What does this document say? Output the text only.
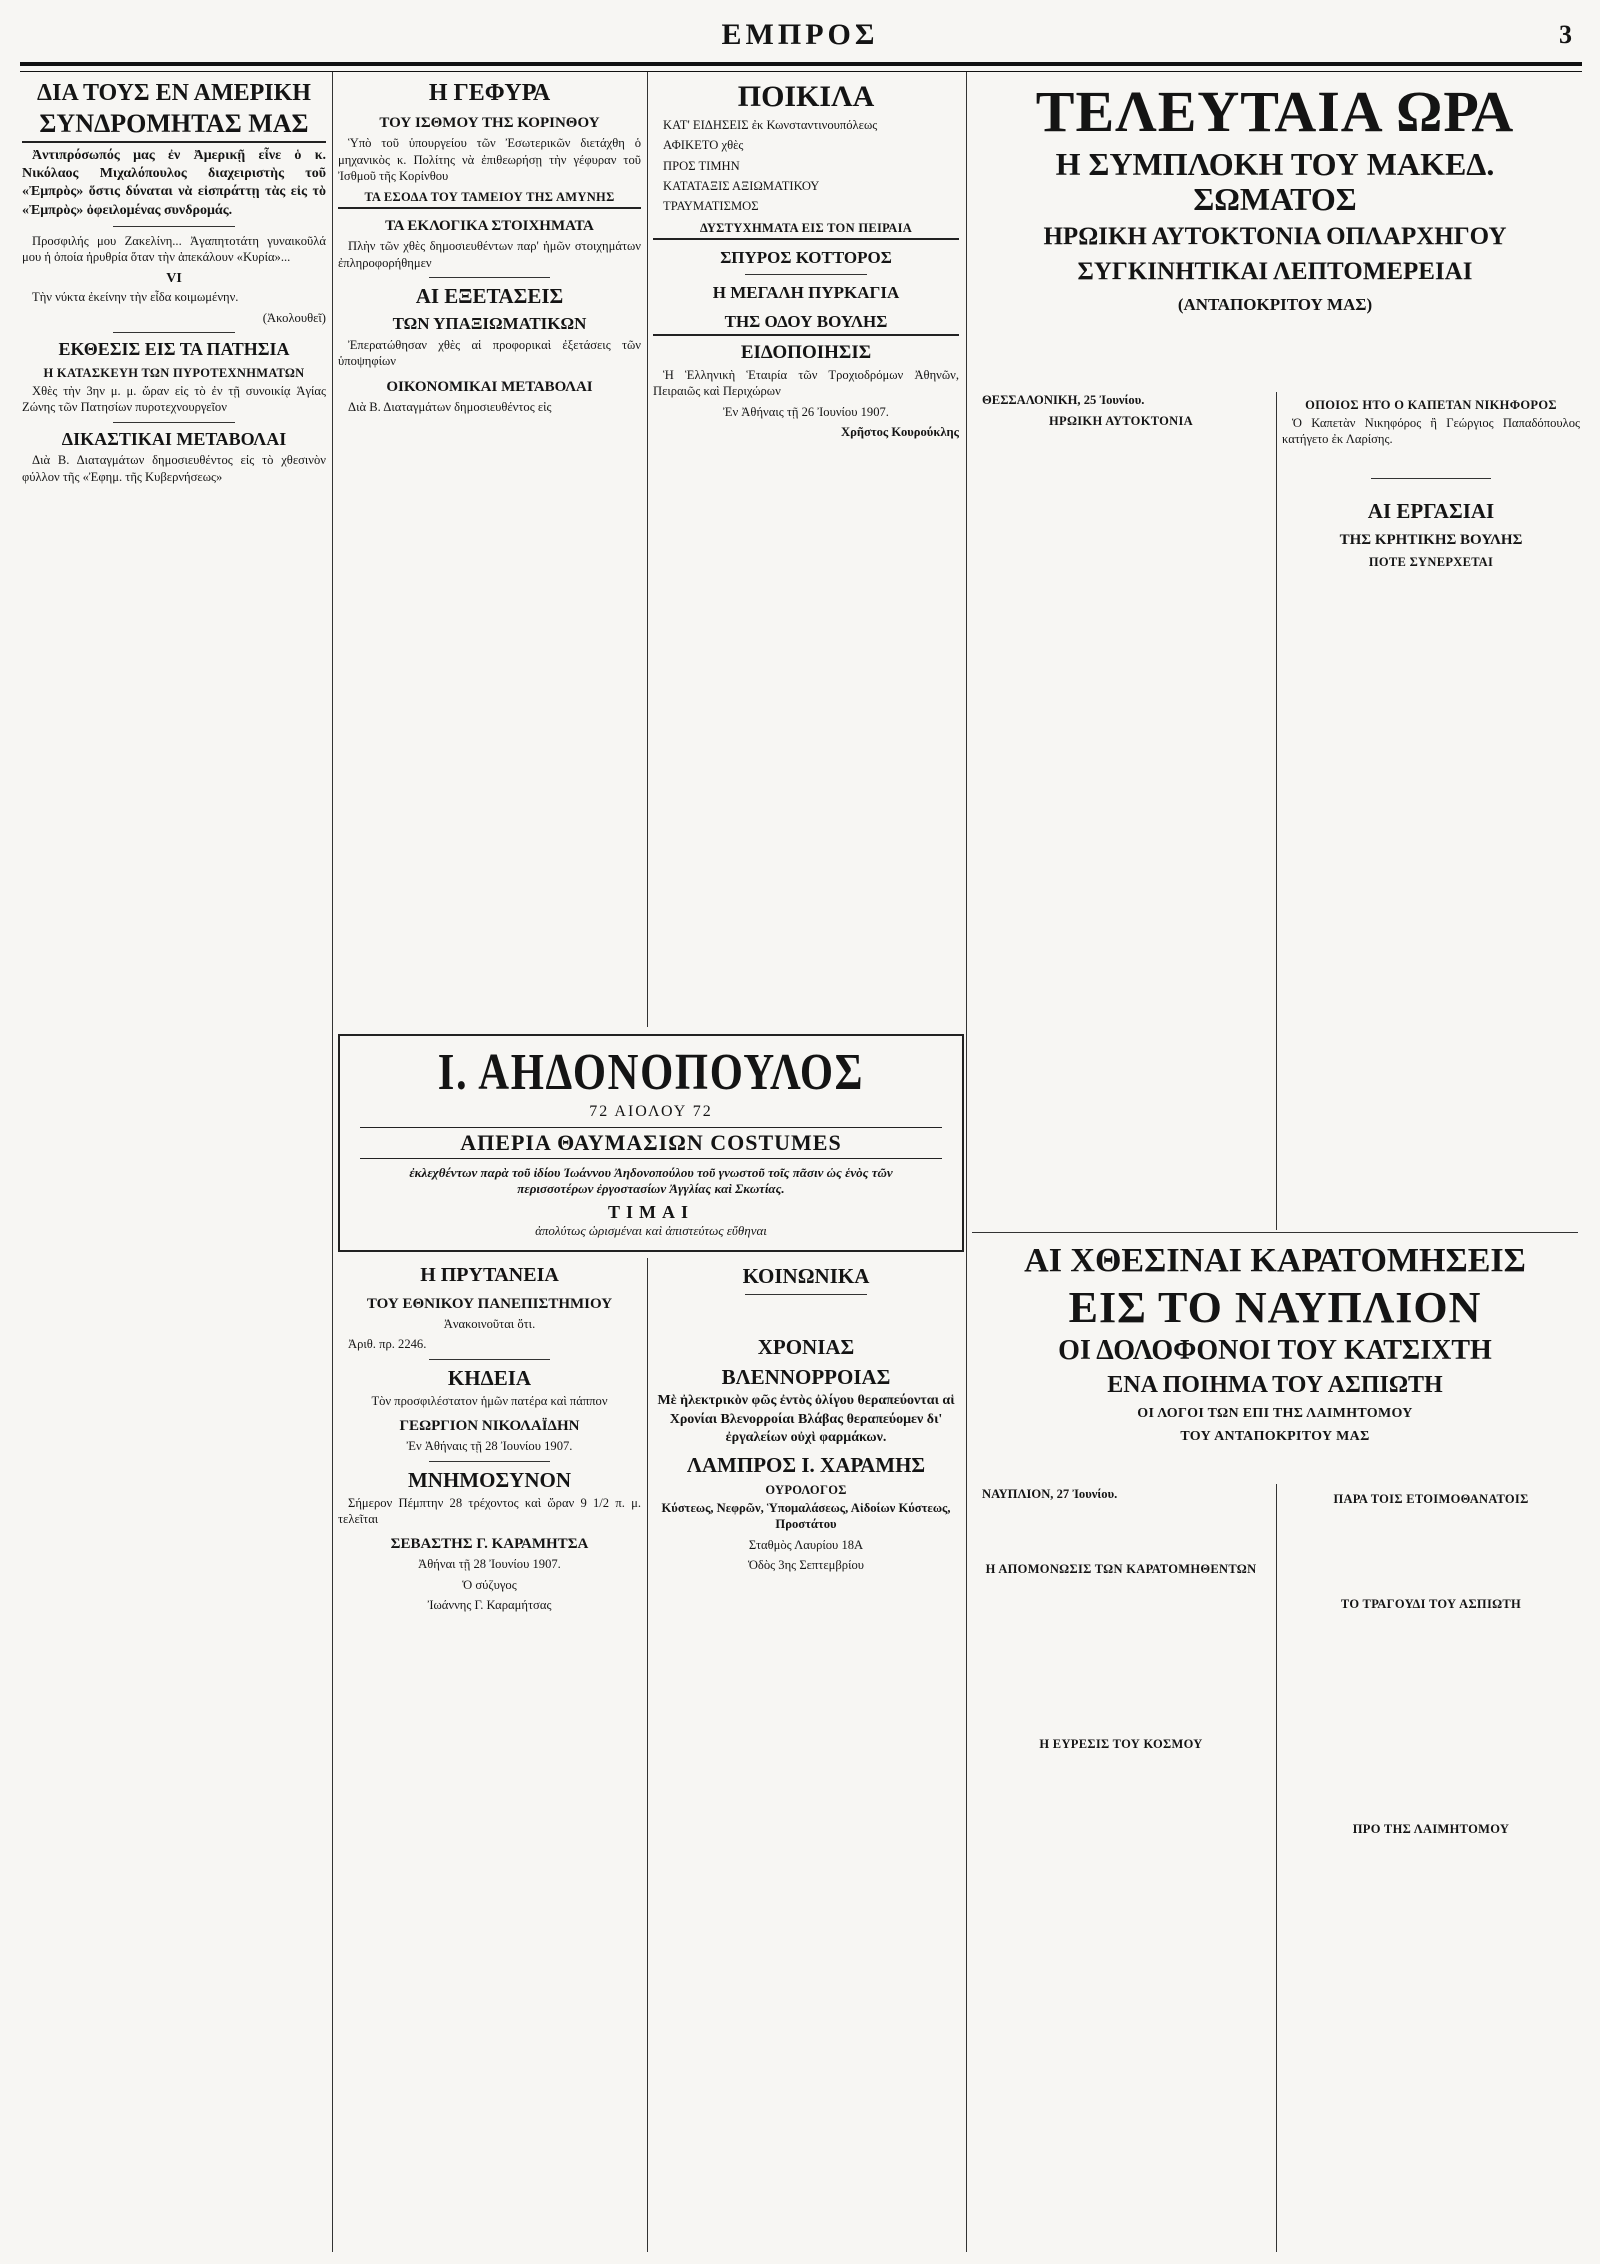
ΕΜΠΡΟΣ	3
ΔΙΑ ΤΟΥΣ ΕΝ ΑΜΕΡΙΚΗ
ΣΥΝΔΡΟΜΗΤΑΣ ΜΑΣ

Ἀντιπρόσωπός μας ἐν Ἀμερικῇ εἶνε ὁ κ. Νικόλαος Μιχαλόπουλος διαχειριστὴς τοῦ «Ἐμπρὸς» ὅστις δύναται νὰ εἰσπράττῃ τὰς εἰς τὸ «Ἐμπρὸς» ὀφειλομένας συνδρομάς.

Προσφιλής μου Ζακελίνη... Ἀγαπητοτάτη γυναικοῦλά μου ἡ ὁποία ἠρυθρία ὅταν τὴν ἀπεκάλουν «Κυρία»...

VI

Τὴν νύκτα ἐκείνην τὴν εἶδα κοιμωμένην.

(Ἀκολουθεῖ)

ΕΚΘΕΣΙΣ ΕΙΣ ΤΑ ΠΑΤΗΣΙΑ
Η ΚΑΤΑΣΚΕΥΗ ΤΩΝ ΠΥΡΟΤΕΧΝΗΜΑΤΩΝ

Χθὲς τὴν 3ην μ. μ. ὥραν εἰς τὸ ἐν τῇ συνοικίᾳ Ἁγίας Ζώνης τῶν Πατησίων πυροτεχνουργεῖον

ΔΙΚΑΣΤΙΚΑΙ ΜΕΤΑΒΟΛΑΙ

Διὰ Β. Διαταγμάτων δημοσιευθέντος εἰς τὸ χθεσινὸν φύλλον τῆς «Ἐφημ. τῆς Κυβερνήσεως»

Η ΓΕΦΥΡΑ
ΤΟΥ ΙΣΘΜΟΥ ΤΗΣ ΚΟΡΙΝΘΟΥ

Ὑπὸ τοῦ ὑπουργείου τῶν Ἐσωτερικῶν διετάχθη ὁ μηχανικὸς κ. Πολίτης νὰ ἐπιθεωρήσῃ τὴν γέφυραν τοῦ Ἰσθμοῦ τῆς Κορίνθου

ΤΑ ΕΣΟΔΑ ΤΟΥ ΤΑΜΕΙΟΥ ΤΗΣ ΑΜΥΝΗΣ
ΤΑ ΕΚΛΟΓΙΚΑ ΣΤΟΙΧΗΜΑΤΑ

Πλὴν τῶν χθὲς δημοσιευθέντων παρ' ἡμῶν στοιχημάτων ἐπληροφορήθημεν

ΑΙ ΕΞΕΤΑΣΕΙΣ
ΤΩΝ ΥΠΑΞΙΩΜΑΤΙΚΩΝ

Ἐπερατώθησαν χθὲς αἱ προφορικαὶ ἐξετάσεις τῶν ὑποψηφίων

ΟΙΚΟΝΟΜΙΚΑΙ ΜΕΤΑΒΟΛΑΙ

Διὰ Β. Διαταγμάτων δημοσιευθέντος εἰς

ΠΟΙΚΙΛΑ

ΚΑΤ' ΕΙΔΗΣΕΙΣ ἐκ Κωνσταντινουπόλεως

ΑΦΙΚΕΤΟ χθὲς

ΠΡΟΣ ΤΙΜΗΝ

ΚΑΤΑΤΑΞΙΣ ΑΞΙΩΜΑΤΙΚΟΥ

ΤΡΑΥΜΑΤΙΣΜΟΣ

ΔΥΣΤΥΧΗΜΑΤΑ ΕΙΣ ΤΟΝ ΠΕΙΡΑΙΑ
ΣΠΥΡΟΣ ΚΟΤΤΟΡΟΣ
Η ΜΕΓΑΛΗ ΠΥΡΚΑΓΙΑ
ΤΗΣ ΟΔΟΥ ΒΟΥΛΗΣ
ΕΙΔΟΠΟΙΗΣΙΣ

Ἡ Ἑλληνικὴ Ἑταιρία τῶν Τροχιοδρόμων Ἀθηνῶν, Πειραιῶς καὶ Περιχώρων

Ἐν Ἀθήναις τῇ 26 Ἰουνίου 1907.

Χρῆστος Κουρούκλης

Ι. ΑΗΔΟΝΟΠΟΥΛΟΣ
72 ΑΙΟΛΟΥ 72
ΑΠΕΡΙΑ ΘΑΥΜΑΣΙΩΝ COSTUMES
ἐκλεχθέντων παρὰ τοῦ ἰδίου Ἰωάννου Ἀηδονοπούλου τοῦ γνωστοῦ τοῖς πᾶσιν ὡς ἑνὸς τῶν περισσοτέρων ἐργοστασίων Ἀγγλίας καὶ Σκωτίας.
ΤΙΜΑΙ
ἀπολύτως ὡρισμέναι καὶ ἀπιστεύτως εὔθηναι
Η ΠΡΥΤΑΝΕΙΑ
ΤΟΥ ΕΘΝΙΚΟΥ ΠΑΝΕΠΙΣΤΗΜΙΟΥ

Ἀνακοινοῦται ὅτι.

Ἀριθ. πρ. 2246.

ΚΗΔΕΙΑ

Τὸν προσφιλέστατον ἡμῶν πατέρα καὶ πάππον

ΓΕΩΡΓΙΟΝ ΝΙΚΟΛΑΪΔΗΝ

Ἐν Ἀθήναις τῇ 28 Ἰουνίου 1907.

ΜΝΗΜΟΣΥΝΟΝ

Σήμερον Πέμπτην 28 τρέχοντος καὶ ὥραν 9 1/2 π. μ. τελεῖται

ΣΕΒΑΣΤΗΣ Γ. ΚΑΡΑΜΗΤΣΑ

Ἀθήναι τῇ 28 Ἰουνίου 1907.

Ὁ σύζυγος

Ἰωάννης Γ. Καραμήτσας

ΚΟΙΝΩΝΙΚΑ
ΧΡΟΝΙΑΣ
ΒΛΕΝΝΟΡΡΟΙΑΣ

Μὲ ἠλεκτρικὸν φῶς ἐντὸς ὀλίγου θεραπεύονται αἱ Χρονίαι Βλενορροίαι Βλάβας θεραπεύομεν δι' ἐργαλείων οὐχὶ φαρμάκων.

ΛΑΜΠΡΟΣ Ι. ΧΑΡΑΜΗΣ
ΟΥΡΟΛΟΓΟΣ

Κύστεως, Νεφρῶν, Ὑπομαλάσεως, Αἰδοίων Κύστεως, Προστάτου

Σταθμὸς Λαυρίου 18Α

Ὁδὸς 3ης Σεπτεμβρίου

ΤΕΛΕΥΤΑΙΑ ΩΡΑ
Η ΣΥΜΠΛΟΚΗ ΤΟΥ ΜΑΚΕΔ. ΣΩΜΑΤΟΣ
ΗΡΩΙΚΗ ΑΥΤΟΚΤΟΝΙΑ ΟΠΛΑΡΧΗΓΟΥ
ΣΥΓΚΙΝΗΤΙΚΑΙ ΛΕΠΤΟΜΕΡΕΙΑΙ
(ΑΝΤΑΠΟΚΡΙΤΟΥ ΜΑΣ)

ΘΕΣΣΑΛΟΝΙΚΗ, 25 Ἰουνίου.

ΗΡΩΙΚΗ ΑΥΤΟΚΤΟΝΙΑ
ΟΠΟΙΟΣ ΗΤΟ Ο ΚΑΠΕΤΑΝ ΝΙΚΗΦΟΡΟΣ

Ὁ Καπετὰν Νικηφόρος ἢ Γεώργιος Παπαδόπουλος κατήγετο ἐκ Λαρίσης.

ΑΙ ΕΡΓΑΣΙΑΙ
ΤΗΣ ΚΡΗΤΙΚΗΣ ΒΟΥΛΗΣ
ΠΟΤΕ ΣΥΝΕΡΧΕΤΑΙ
ΑΙ ΧΘΕΣΙΝΑΙ ΚΑΡΑΤΟΜΗΣΕΙΣ
ΕΙΣ ΤΟ ΝΑΥΠΛΙΟΝ
ΟΙ ΔΟΛΟΦΟΝΟΙ ΤΟΥ ΚΑΤΣΙΧΤΗ
ΕΝΑ ΠΟΙΗΜΑ ΤΟΥ ΑΣΠΙΩΤΗ
ΟΙ ΛΟΓΟΙ ΤΩΝ ΕΠΙ ΤΗΣ ΛΑΙΜΗΤΟΜΟΥ
ΤΟΥ ΑΝΤΑΠΟΚΡΙΤΟΥ ΜΑΣ

ΝΑΥΠΛΙΟΝ, 27 Ἰουνίου.

Η ΑΠΟΜΟΝΩΣΙΣ ΤΩΝ ΚΑΡΑΤΟΜΗΘΕΝΤΩΝ
Η ΕΥΡΕΣΙΣ ΤΟΥ ΚΟΣΜΟΥ
ΠΑΡΑ ΤΟΙΣ ΕΤΟΙΜΟΘΑΝΑΤΟΙΣ
ΤΟ ΤΡΑΓΟΥΔΙ ΤΟΥ ΑΣΠΙΩΤΗ
ΠΡΟ ΤΗΣ ΛΑΙΜΗΤΟΜΟΥ
